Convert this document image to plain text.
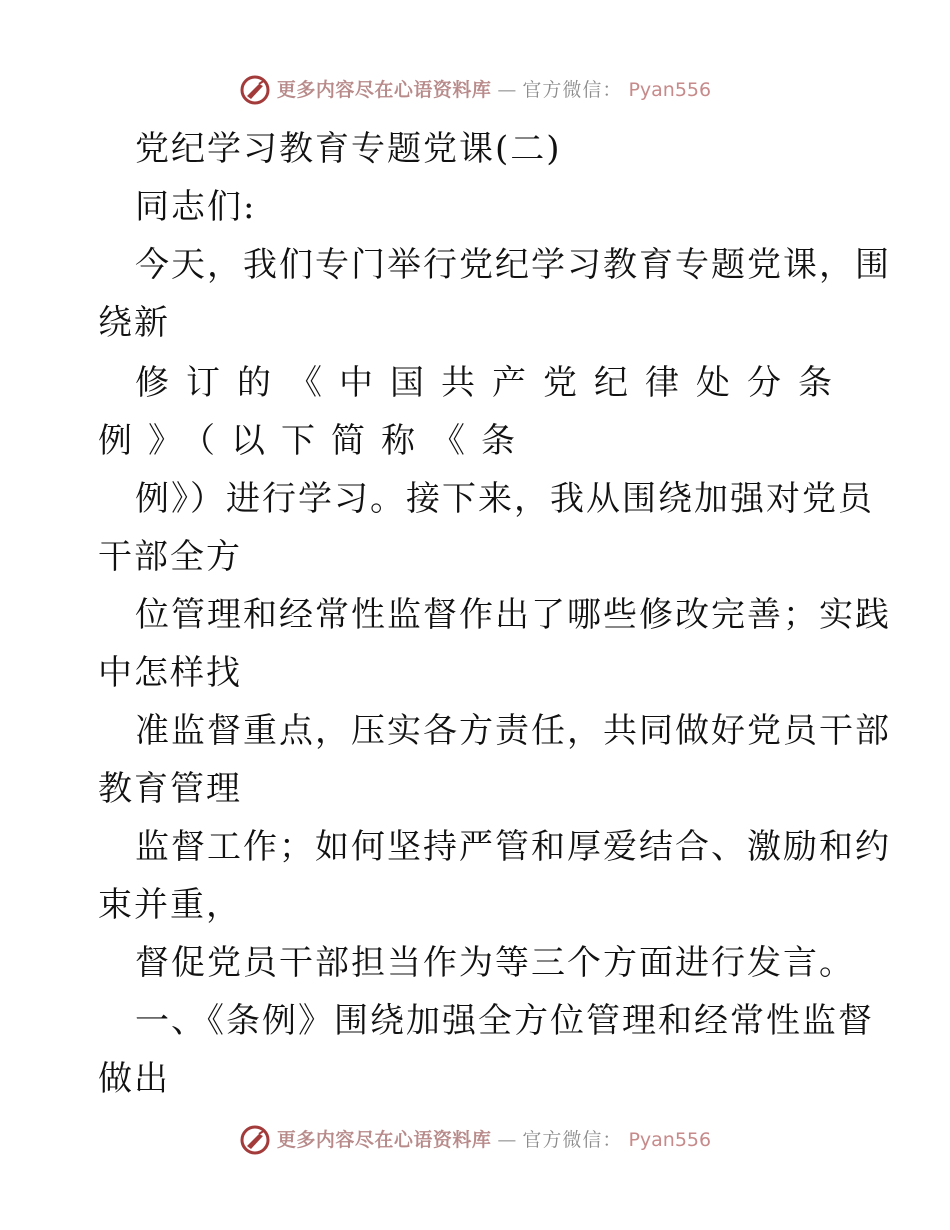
更多内容尽在心语资料库 — 官方微信： Pyan556
党纪学习教育专题党课(二)
同志们:
今天，我们专门举行党纪学习教育专题党课，围
绕新
修订的《中国共产党纪律处分条
例》（以下简称《条
例》）进行学习。接下来，我从围绕加强对党员
干部全方
位管理和经常性监督作出了哪些修改完善；实践
中怎样找
准监督重点，压实各方责任，共同做好党员干部
教育管理
监督工作；如何坚持严管和厚爱结合、激励和约
束并重，
督促党员干部担当作为等三个方面进行发言。
一、《条例》围绕加强全方位管理和经常性监督
做出
更多内容尽在心语资料库 — 官方微信： Pyan556
